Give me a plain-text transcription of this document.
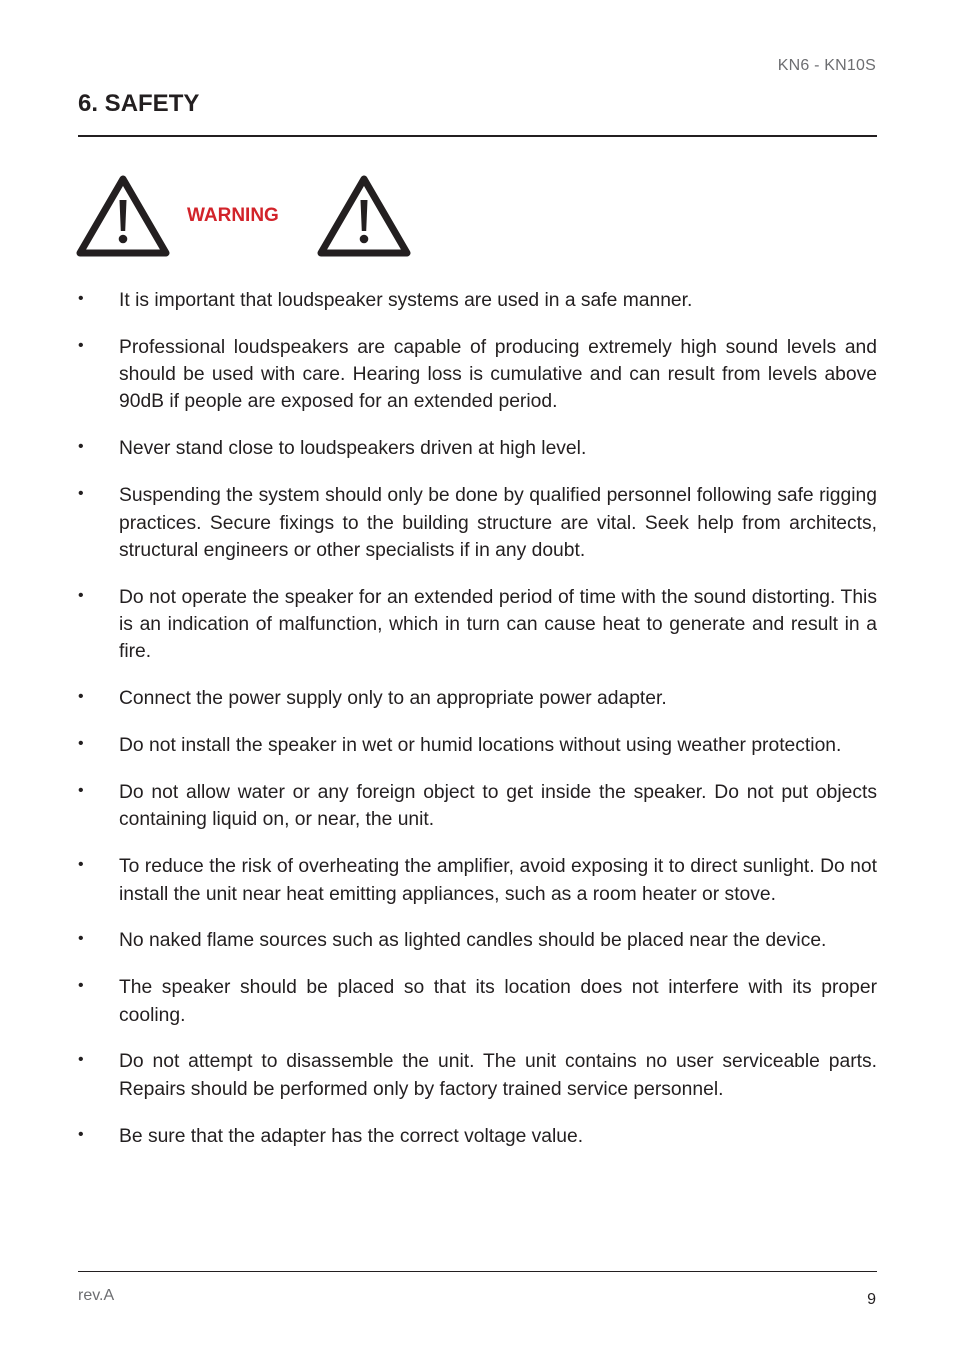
KN6 - KN10S
6. SAFETY
WARNING
• It is important that loudspeaker systems are used in a safe manner.
• Professional loudspeakers are capable of producing extremely high sound levels and should be used with care. Hearing loss is cumulative and can result from levels above 90dB if people are exposed for an extended period.
• Never stand close to loudspeakers driven at high level.
• Suspending the system should only be done by qualified personnel following safe rigging practices. Secure fixings to the building structure are vital. Seek help from architects, structural engineers or other specialists if in any doubt.
• Do not operate the speaker for an extended period of time with the sound distorting. This is an indication of malfunction, which in turn can cause heat to generate and result in a fire.
• Connect the power supply only to an appropriate power adapter.
• Do not install the speaker in wet or humid locations without using weather protection.
• Do not allow water or any foreign object to get inside the speaker. Do not put objects containing liquid on, or near, the unit.
• To reduce the risk of overheating the amplifier, avoid exposing it to direct sunlight. Do not install the unit near heat emitting appliances, such as a room heater or stove.
• No naked flame sources such as lighted candles should be placed near the device.
• The speaker should be placed so that its location does not interfere with its proper cooling.
• Do not attempt to disassemble the unit. The unit contains no user serviceable parts. Repairs should be performed only by factory trained service personnel.
• Be sure that the adapter has the correct voltage value.
rev.A	9
